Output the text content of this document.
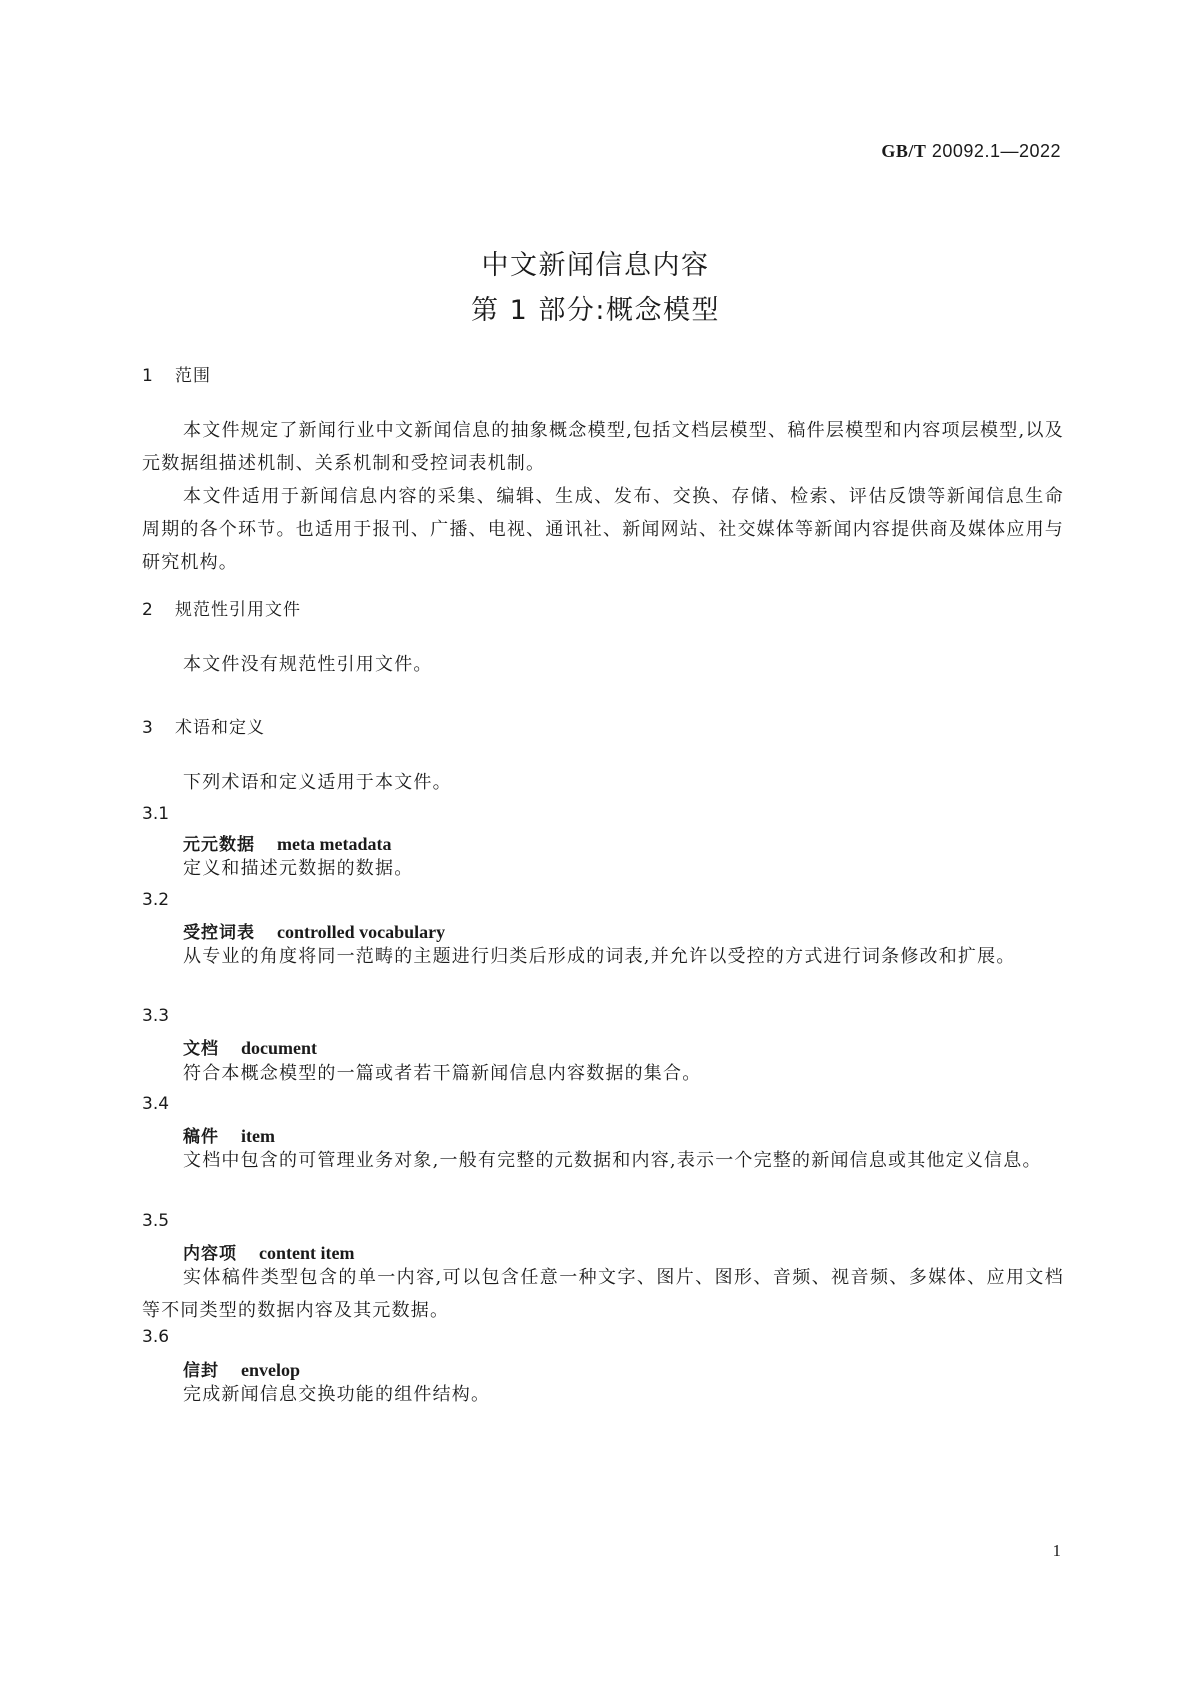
GB/T 20092.1—2022
中文新闻信息内容
第 1 部分:概念模型
1 范围
本文件规定了新闻行业中文新闻信息的抽象概念模型,包括文档层模型、稿件层模型和内容项层模型,以及元数据组描述机制、关系机制和受控词表机制。
本文件适用于新闻信息内容的采集、编辑、生成、发布、交换、存储、检索、评估反馈等新闻信息生命周期的各个环节。也适用于报刊、广播、电视、通讯社、新闻网站、社交媒体等新闻内容提供商及媒体应用与研究机构。
2 规范性引用文件
本文件没有规范性引用文件。
3 术语和定义
下列术语和定义适用于本文件。
3.1
元元数据 meta metadata
定义和描述元数据的数据。
3.2
受控词表 controlled vocabulary
从专业的角度将同一范畴的主题进行归类后形成的词表,并允许以受控的方式进行词条修改和扩展。
3.3
文档 document
符合本概念模型的一篇或者若干篇新闻信息内容数据的集合。
3.4
稿件 item
文档中包含的可管理业务对象,一般有完整的元数据和内容,表示一个完整的新闻信息或其他定义信息。
3.5
内容项 content item
实体稿件类型包含的单一内容,可以包含任意一种文字、图片、图形、音频、视音频、多媒体、应用文档等不同类型的数据内容及其元数据。
3.6
信封 envelop
完成新闻信息交换功能的组件结构。
1
